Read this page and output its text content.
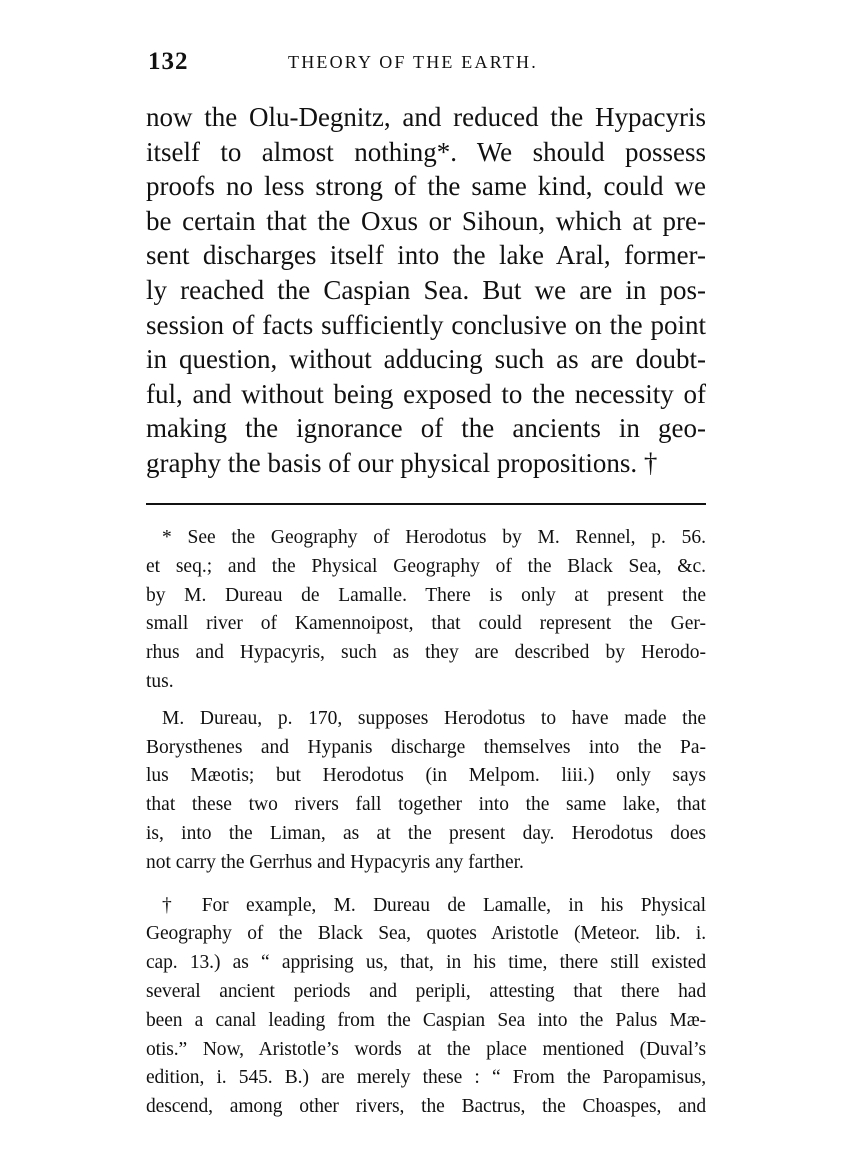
132	THEORY OF THE EARTH.
now the Olu-Degnitz, and reduced the Hypacyris
itself to almost nothing*. We should possess
proofs no less strong of the same kind, could we
be certain that the Oxus or Sihoun, which at pre-
sent discharges itself into the lake Aral, former-
ly reached the Caspian Sea. But we are in pos-
session of facts sufficiently conclusive on the point
in question, without adducing such as are doubt-
ful, and without being exposed to the necessity of
making the ignorance of the ancients in geo-
graphy the basis of our physical propositions. †
* See the Geography of Herodotus by M. Rennel, p. 56.
et seq.; and the Physical Geography of the Black Sea, &c.
by M. Dureau de Lamalle. There is only at present the
small river of Kamennoipost, that could represent the Ger-
rhus and Hypacyris, such as they are described by Herodo-
tus.
M. Dureau, p. 170, supposes Herodotus to have made the
Borysthenes and Hypanis discharge themselves into the Pa-
lus Mæotis; but Herodotus (in Melpom. liii.) only says
that these two rivers fall together into the same lake, that
is, into the Liman, as at the present day. Herodotus does
not carry the Gerrhus and Hypacyris any farther.
† For example, M. Dureau de Lamalle, in his Physical
Geography of the Black Sea, quotes Aristotle (Meteor. lib. i.
cap. 13.) as “ apprising us, that, in his time, there still existed
several ancient periods and peripli, attesting that there had
been a canal leading from the Caspian Sea into the Palus Mæ-
otis.” Now, Aristotle’s words at the place mentioned (Duval’s
edition, i. 545. B.) are merely these : “ From the Paropamisus,
descend, among other rivers, the Bactrus, the Choaspes, and
